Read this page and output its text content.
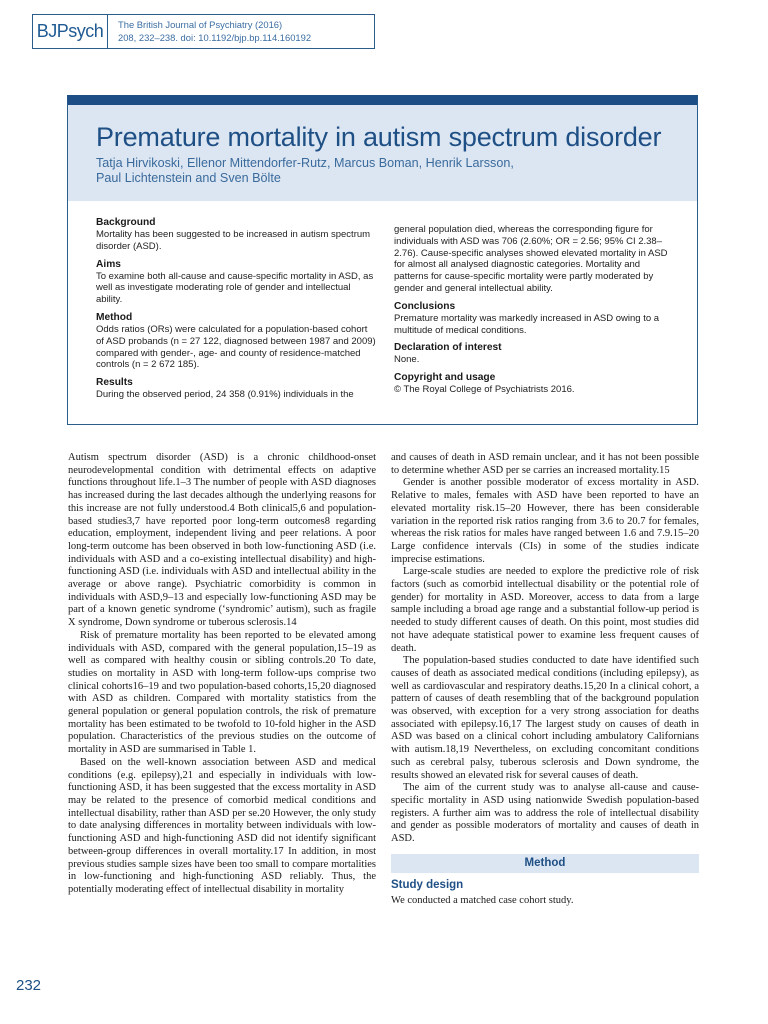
BJPsych	The British Journal of Psychiatry (2016)
208, 232–238. doi: 10.1192/bjp.bp.114.160192
Premature mortality in autism spectrum disorder
Tatja Hirvikoski, Ellenor Mittendorfer-Rutz, Marcus Boman, Henrik Larsson,
Paul Lichtenstein and Sven Bölte
Background

Mortality has been suggested to be increased in autism spectrum disorder (ASD).

Aims

To examine both all-cause and cause-specific mortality in ASD, as well as investigate moderating role of gender and intellectual ability.

Method

Odds ratios (ORs) were calculated for a population-based cohort of ASD probands (n = 27 122, diagnosed between 1987 and 2009) compared with gender-, age- and county of residence-matched controls (n = 2 672 185).

Results

During the observed period, 24 358 (0.91%) individuals in the

general population died, whereas the corresponding figure for individuals with ASD was 706 (2.60%; OR = 2.56; 95% CI 2.38–2.76). Cause-specific analyses showed elevated mortality in ASD for almost all analysed diagnostic categories. Mortality and patterns for cause-specific mortality were partly moderated by gender and general intellectual ability.

Conclusions

Premature mortality was markedly increased in ASD owing to a multitude of medical conditions.

Declaration of interest

None.

Copyright and usage

© The Royal College of Psychiatrists 2016.

Autism spectrum disorder (ASD) is a chronic childhood-onset neurodevelopmental condition with detrimental effects on adaptive functions throughout life.1–3 The number of people with ASD diagnoses has increased during the last decades although the underlying reasons for this increase are not fully understood.4 Both clinical5,6 and population-based studies3,7 have reported poor long-term outcomes8 regarding education, employment, independent living and peer relations. A poor long-term outcome has been observed in both low-functioning ASD (i.e. individuals with ASD and a co-existing intellectual disability) and high-functioning ASD (i.e. individuals with ASD and intellectual ability in the average or above range). Psychiatric comorbidity is common in individuals with ASD,9–13 and especially low-functioning ASD may be part of a known genetic syndrome (‘syndromic’ autism), such as fragile X syndrome, Down syndrome or tuberous sclerosis.14

Risk of premature mortality has been reported to be elevated among individuals with ASD, compared with the general population,15–19 as well as compared with healthy cousin or sibling controls.20 To date, studies on mortality in ASD with long-term follow-ups comprise two clinical cohorts16–19 and two population-based cohorts,15,20 diagnosed with ASD as children. Compared with mortality statistics from the general population or general population controls, the risk of premature mortality has been estimated to be twofold to 10-fold higher in the ASD population. Characteristics of the previous studies on the outcome of mortality in ASD are summarised in Table 1.

Based on the well-known association between ASD and medical conditions (e.g. epilepsy),21 and especially in individuals with low-functioning ASD, it has been suggested that the excess mortality in ASD may be related to the presence of comorbid medical conditions and intellectual disability, rather than ASD per se.20 However, the only study to date analysing differences in mortality between individuals with low-functioning ASD and high-functioning ASD did not identify significant between-group differences in overall mortality.17 In addition, in most previous studies sample sizes have been too small to compare mortalities in low-functioning and high-functioning ASD reliably. Thus, the potentially moderating effect of intellectual disability in mortality

and causes of death in ASD remain unclear, and it has not been possible to determine whether ASD per se carries an increased mortality.15

Gender is another possible moderator of excess mortality in ASD. Relative to males, females with ASD have been reported to have an elevated mortality risk.15–20 However, there has been considerable variation in the reported risk ratios ranging from 3.6 to 20.7 for females, whereas the risk ratios for males have ranged between 1.6 and 7.9.15–20 Large confidence intervals (CIs) in some of the studies indicate imprecise estimations.

Large-scale studies are needed to explore the predictive role of risk factors (such as comorbid intellectual disability or the potential role of gender) for mortality in ASD. Moreover, access to data from a large sample including a broad age range and a substantial follow-up period is needed to study different causes of death. On this point, most studies did not have adequate statistical power to examine less frequent causes of death.

The population-based studies conducted to date have identified such causes of death as associated medical conditions (including epilepsy), as well as cardiovascular and respiratory deaths.15,20 In a clinical cohort, a pattern of causes of death resembling that of the background population was observed, with exception for a very strong association for deaths associated with epilepsy.16,17 The largest study on causes of death in ASD was based on a clinical cohort including ambulatory Californians with autism.18,19 Nevertheless, on excluding concomitant conditions such as cerebral palsy, tuberous sclerosis and Down syndrome, the results showed an elevated risk for several causes of death.

The aim of the current study was to analyse all-cause and cause-specific mortality in ASD using nationwide Swedish population-based registers. A further aim was to address the role of intellectual disability and gender as possible moderators of mortality and causes of death in ASD.

Method
Study design

We conducted a matched case cohort study.

232
